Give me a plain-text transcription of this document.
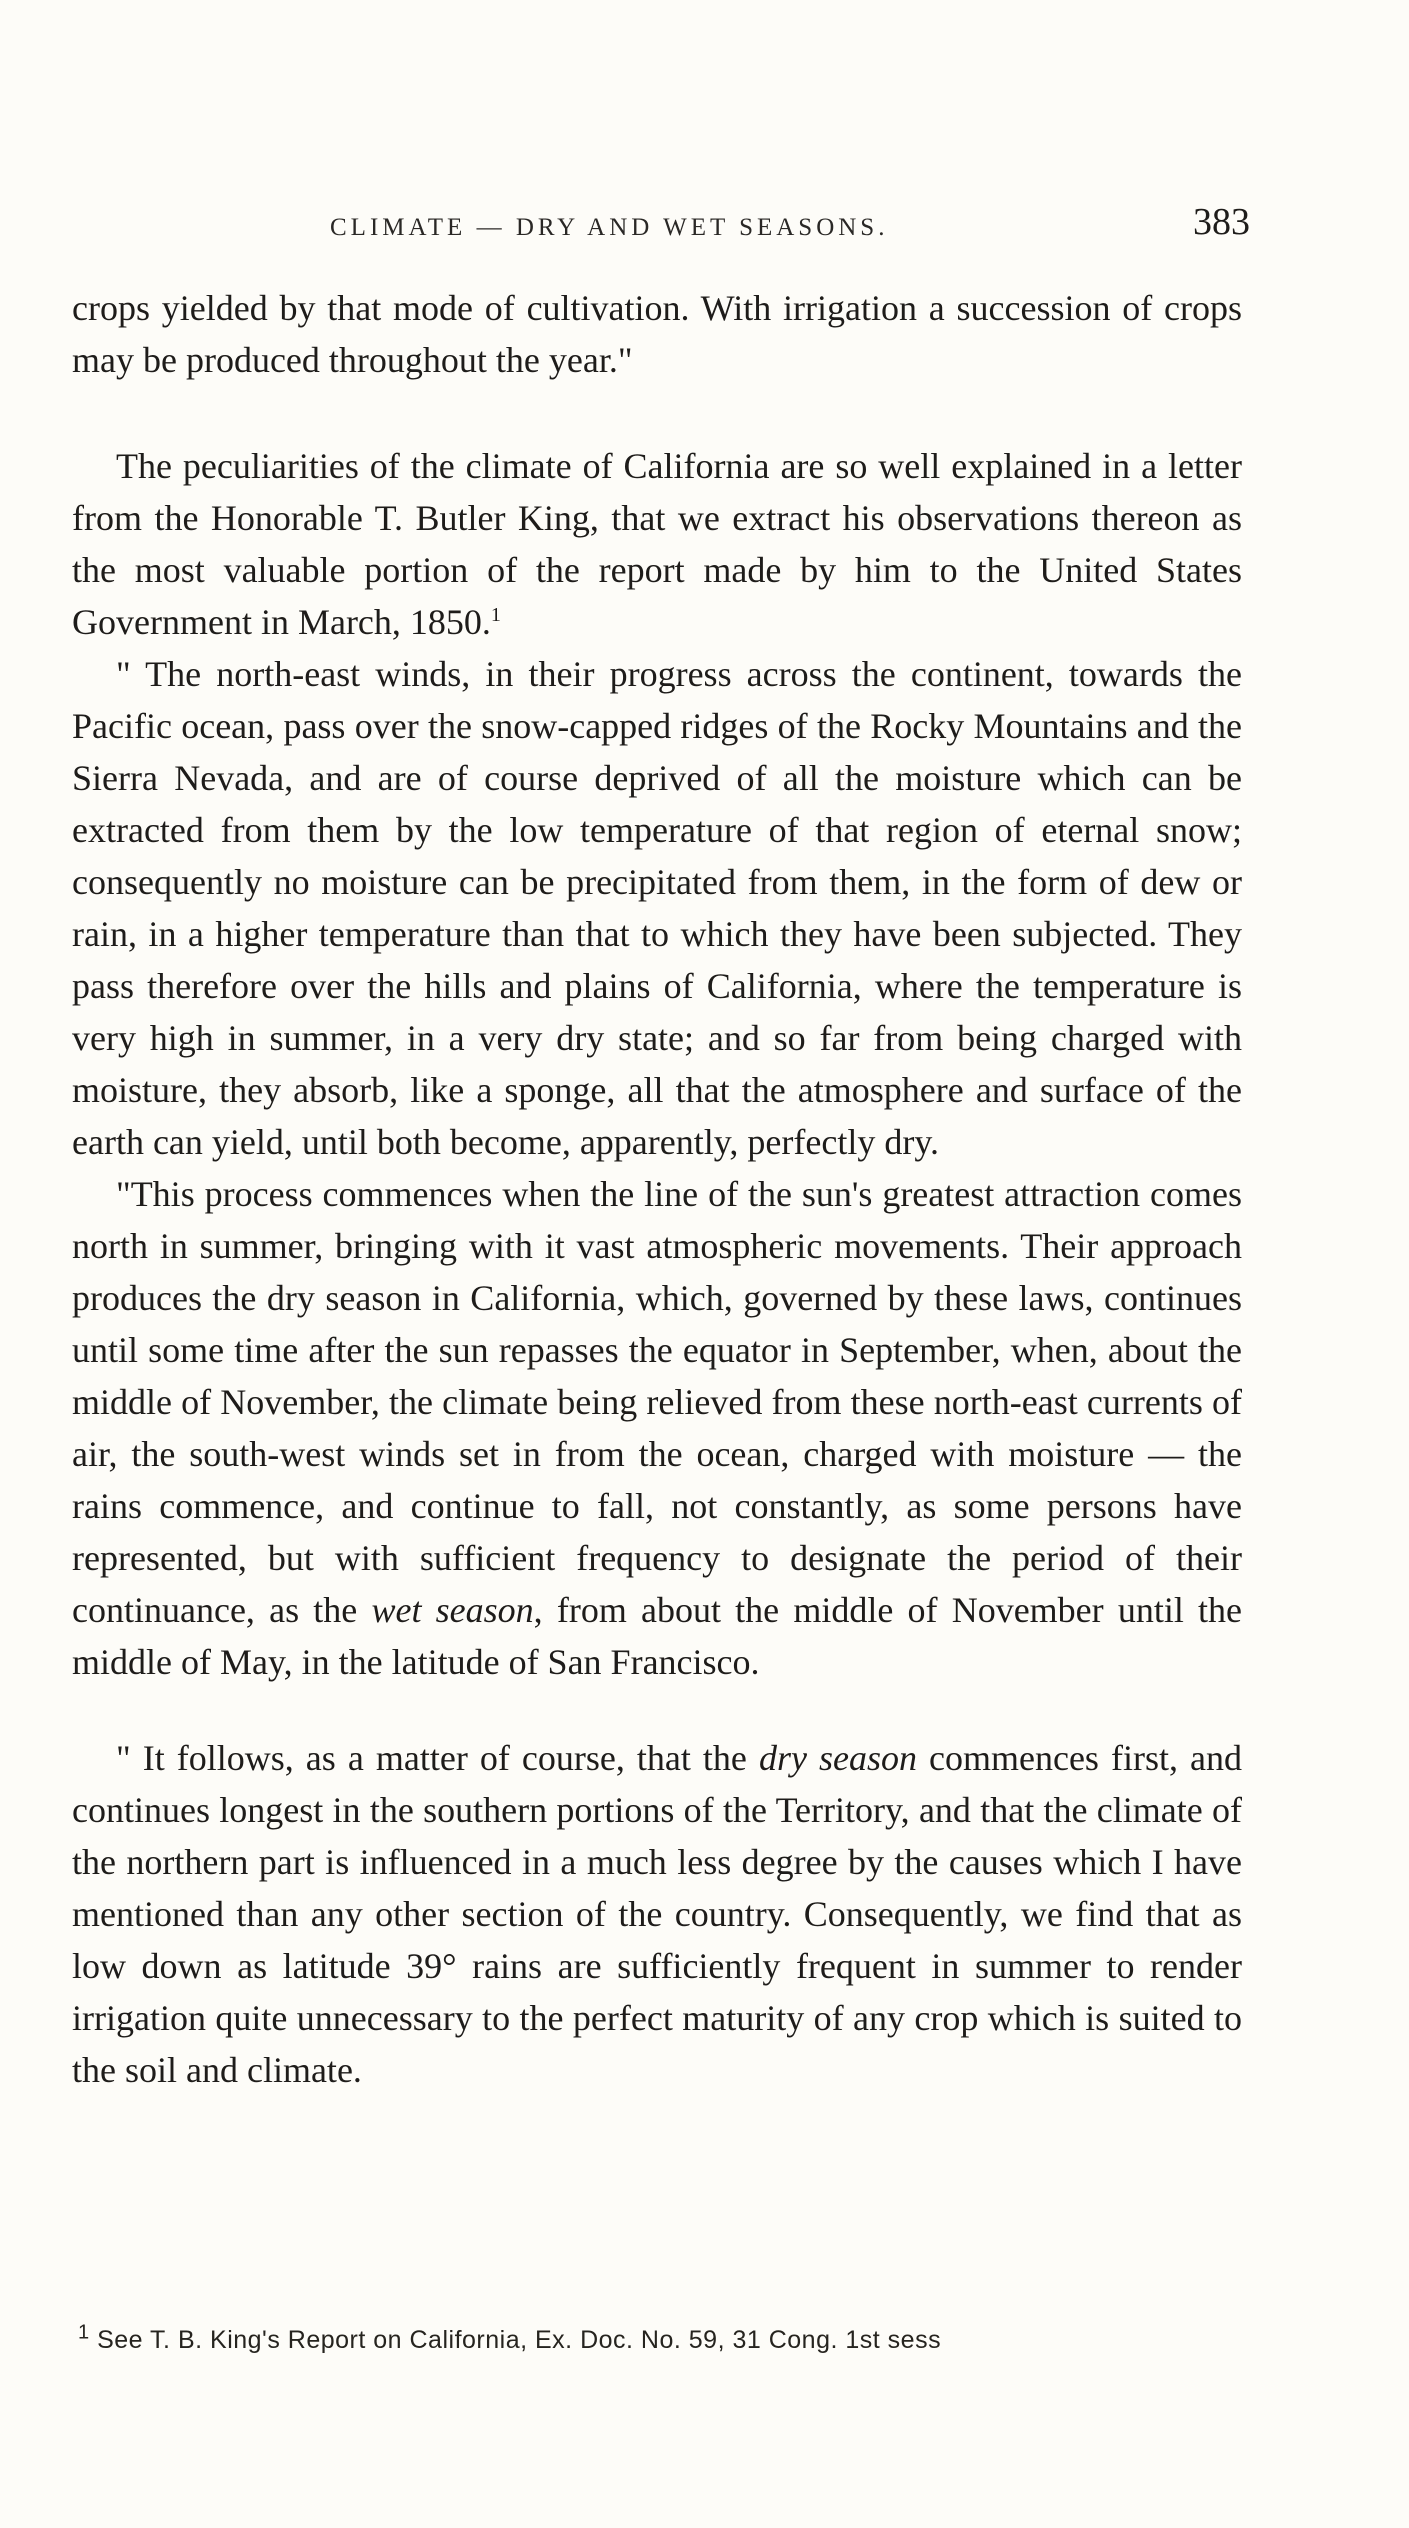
CLIMATE — DRY AND WET SEASONS.	383

crops yielded by that mode of cultivation. With irrigation a succession of crops may be produced throughout the year."

The peculiarities of the climate of California are so well explained in a letter from the Honorable T. Butler King, that we extract his observations thereon as the most valuable portion of the report made by him to the United States Government in March, 1850.$^1$

" The north-east winds, in their progress across the continent, towards the Pacific ocean, pass over the snow-capped ridges of the Rocky Mountains and the Sierra Nevada, and are of course deprived of all the moisture which can be extracted from them by the low temperature of that region of eternal snow; consequently no moisture can be precipitated from them, in the form of dew or rain, in a higher temperature than that to which they have been subjected. They pass therefore over the hills and plains of California, where the temperature is very high in summer, in a very dry state; and so far from being charged with moisture, they absorb, like a sponge, all that the atmosphere and surface of the earth can yield, until both become, apparently, perfectly dry.

"This process commences when the line of the sun's greatest attraction comes north in summer, bringing with it vast atmospheric movements. Their approach produces the dry season in California, which, governed by these laws, continues until some time after the sun repasses the equator in September, when, about the middle of November, the climate being relieved from these north-east currents of air, the south-west winds set in from the ocean, charged with moisture — the rains commence, and continue to fall, not constantly, as some persons have represented, but with sufficient frequency to designate the period of their continuance, as the wet season, from about the middle of November until the middle of May, in the latitude of San Francisco.

" It follows, as a matter of course, that the dry season commences first, and continues longest in the southern portions of the Territory, and that the climate of the northern part is influenced in a much less degree by the causes which I have mentioned than any other section of the country. Consequently, we find that as low down as latitude 39° rains are sufficiently frequent in summer to render irrigation quite unnecessary to the perfect maturity of any crop which is suited to the soil and climate.

$^1$ See T. B. King's Report on California, Ex. Doc. No. 59, 31 Cong. 1st sess
